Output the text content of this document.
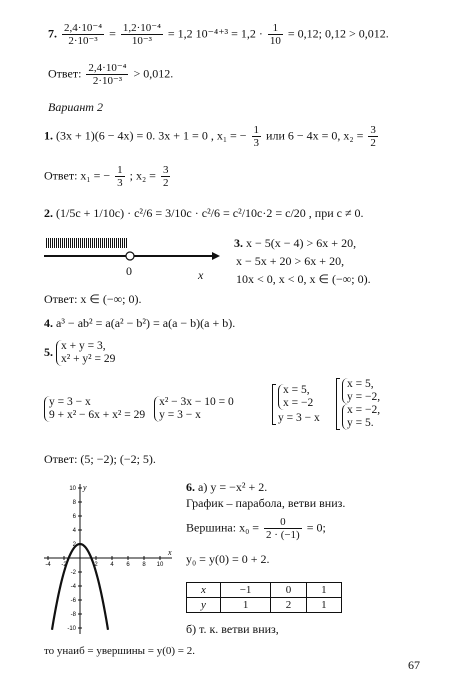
7. $\frac{\text{2,4·10⁻⁴}}{\text{2·10⁻³}} = \frac{\text{1,2·10⁻⁴}}{\text{10⁻³}} = 1,2$ $10^{-4+3} = 1,2 \cdot \frac{1}{10} = 0,12$; 0,12 > 0,012.
Ответ: $\frac{\text{2,4·10⁻⁴}}{\text{2·10⁻³}} > 0,012$.
Вариант 2
1. (3x + 1)(6 − 4x) = 0. 3x + 1 = 0 , x₁ = − $\frac{1}{3}$ или 6 − 4x = 0, $x_2 = \frac{3}{2}$
Ответ: x₁ = − $\frac{1}{3}$ ; $x_2 = \frac{3}{2}$
2. (1/5c + 1/10c) · c²/6 = 3/10c · c²/6 = c²/10c·2 = c/20 , при c ≠ 0.
0	x
3. x − 5(x − 4) > 6x + 20,
x − 5x + 20 > 6x + 20,
10x < 0, x < 0, x ∈ (−∞; 0).
Ответ: x ∈ (−∞; 0).
4. a³ − ab² = a(a² − b²) = a(a − b)(a + b).
5. x + y = 3,
x² + y² = 29
y = 3 − x
9 + x² − 6x + x² = 29

x² − 3x − 10 = 0
y = 3 − x
x = 5,
x = −2

y = 3 − x
x = 5,
y = −2,

x = −2,
y = 5.
Ответ: (5; −2); (−2; 5).
6. а) y = −x² + 2.
График – парабола, ветви вниз.
Вершина: $x_0 = \frac{0}{2 \cdot (-1)} = 0$;
y₀ = y(0) = 0 + 2.
x	−1	0	1
y	1	2	1
б) т. к. ветви вниз,
то yнаиб = yвершины = y(0) = 2.
10
8
6
4
2
-2
-4
-6
-8
-10
-4 -2	2 4 6 8 10
x
y
67
